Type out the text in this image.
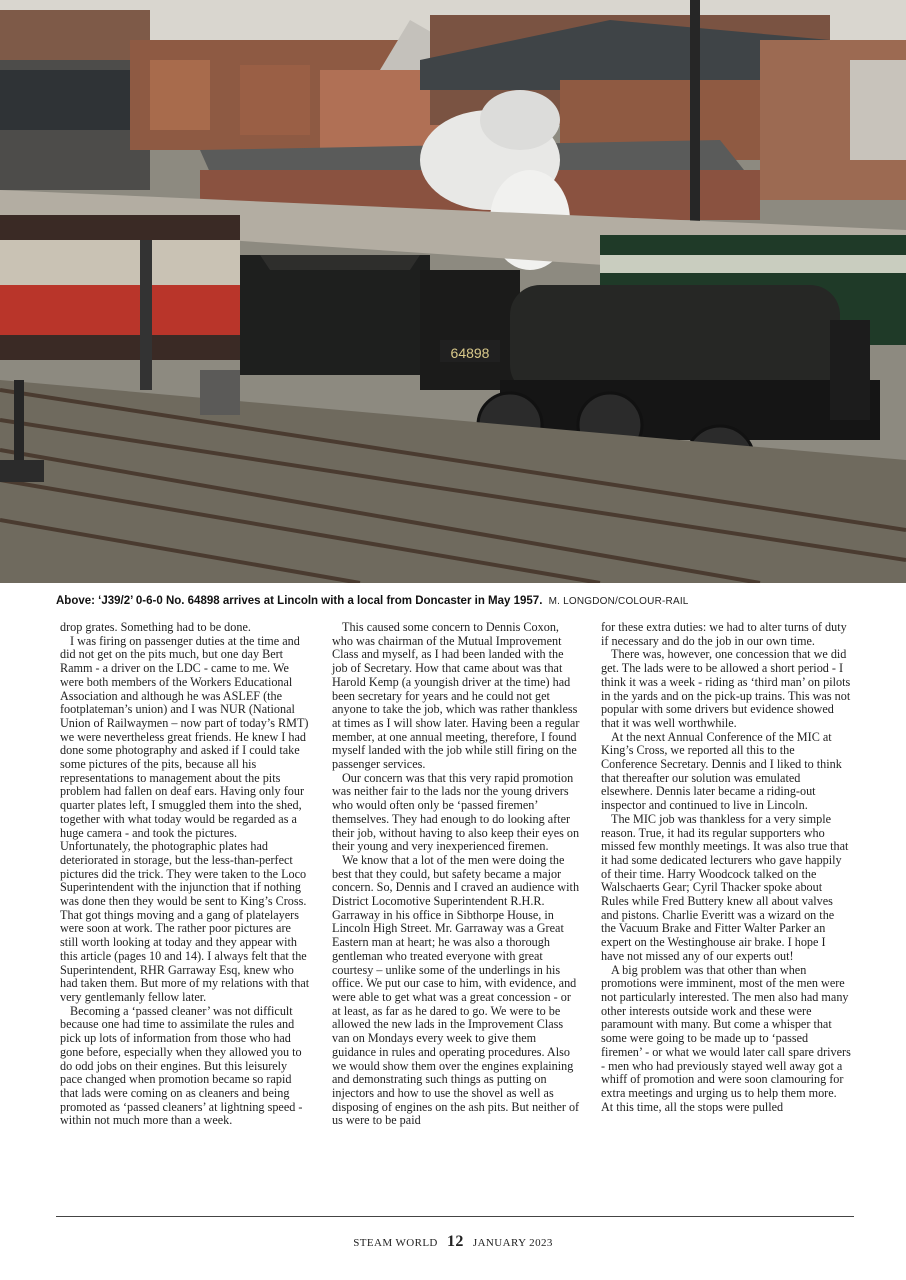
64898
Above: ‘J39/2’ 0-6-0 No. 64898 arrives at Lincoln with a local from Doncaster in May 1957. M. LONGDON/COLOUR-RAIL

drop grates. Something had to be done.

I was firing on passenger duties at the time and did not get on the pits much, but one day Bert Ramm - a driver on the LDC - came to me. We were both members of the Workers Educational Association and although he was ASLEF (the footplateman’s union) and I was NUR (National Union of Railwaymen – now part of today’s RMT) we were nevertheless great friends. He knew I had done some photography and asked if I could take some pictures of the pits, because all his representations to management about the pits problem had fallen on deaf ears. Having only four quarter plates left, I smuggled them into the shed, together with what today would be regarded as a huge camera - and took the pictures. Unfortunately, the photographic plates had deteriorated in storage, but the less-than-perfect pictures did the trick. They were taken to the Loco Superintendent with the injunction that if nothing was done then they would be sent to King’s Cross. That got things moving and a gang of platelayers were soon at work. The rather poor pictures are still worth looking at today and they appear with this article (pages 10 and 14). I always felt that the Superintendent, RHR Garraway Esq, knew who had taken them. But more of my relations with that very gentlemanly fellow later.

Becoming a ‘passed cleaner’ was not difficult because one had time to assimilate the rules and pick up lots of information from those who had gone before, especially when they allowed you to do odd jobs on their engines. But this leisurely pace changed when promotion became so rapid that lads were coming on as cleaners and being promoted as ‘passed cleaners’ at lightning speed - within not much more than a week.

This caused some concern to Dennis Coxon, who was chairman of the Mutual Improvement Class and myself, as I had been landed with the job of Secretary. How that came about was that Harold Kemp (a youngish driver at the time) had been secretary for years and he could not get anyone to take the job, which was rather thankless at times as I will show later. Having been a regular member, at one annual meeting, therefore, I found myself landed with the job while still firing on the passenger services.

Our concern was that this very rapid promotion was neither fair to the lads nor the young drivers who would often only be ‘passed firemen’ themselves. They had enough to do looking after their job, without having to also keep their eyes on their young and very inexperienced firemen.

We know that a lot of the men were doing the best that they could, but safety became a major concern. So, Dennis and I craved an audience with District Locomotive Superintendent R.H.R. Garraway in his office in Sibthorpe House, in Lincoln High Street. Mr. Garraway was a Great Eastern man at heart; he was also a thorough gentleman who treated everyone with great courtesy – unlike some of the underlings in his office. We put our case to him, with evidence, and were able to get what was a great concession - or at least, as far as he dared to go. We were to be allowed the new lads in the Improvement Class van on Mondays every week to give them guidance in rules and operating procedures. Also we would show them over the engines explaining and demonstrating such things as putting on injectors and how to use the shovel as well as disposing of engines on the ash pits. But neither of us were to be paid

for these extra duties: we had to alter turns of duty if necessary and do the job in our own time.

There was, however, one concession that we did get. The lads were to be allowed a short period - I think it was a week - riding as ‘third man’ on pilots in the yards and on the pick-up trains. This was not popular with some drivers but evidence showed that it was well worthwhile.

At the next Annual Conference of the MIC at King’s Cross, we reported all this to the Conference Secretary. Dennis and I liked to think that thereafter our solution was emulated elsewhere. Dennis later became a riding-out inspector and continued to live in Lincoln.

The MIC job was thankless for a very simple reason. True, it had its regular supporters who missed few monthly meetings. It was also true that it had some dedicated lecturers who gave happily of their time. Harry Woodcock talked on the Walschaerts Gear; Cyril Thacker spoke about Rules while Fred Buttery knew all about valves and pistons. Charlie Everitt was a wizard on the the Vacuum Brake and Fitter Walter Parker an expert on the Westinghouse air brake. I hope I have not missed any of our experts out!

A big problem was that other than when promotions were imminent, most of the men were not particularly interested. The men also had many other interests outside work and these were paramount with many. But come a whisper that some were going to be made up to ‘passed firemen’ - or what we would later call spare drivers - men who had previously stayed well away got a whiff of promotion and were soon clamouring for extra meetings and urging us to help them more. At this time, all the stops were pulled

STEAM WORLD 12 JANUARY 2023
